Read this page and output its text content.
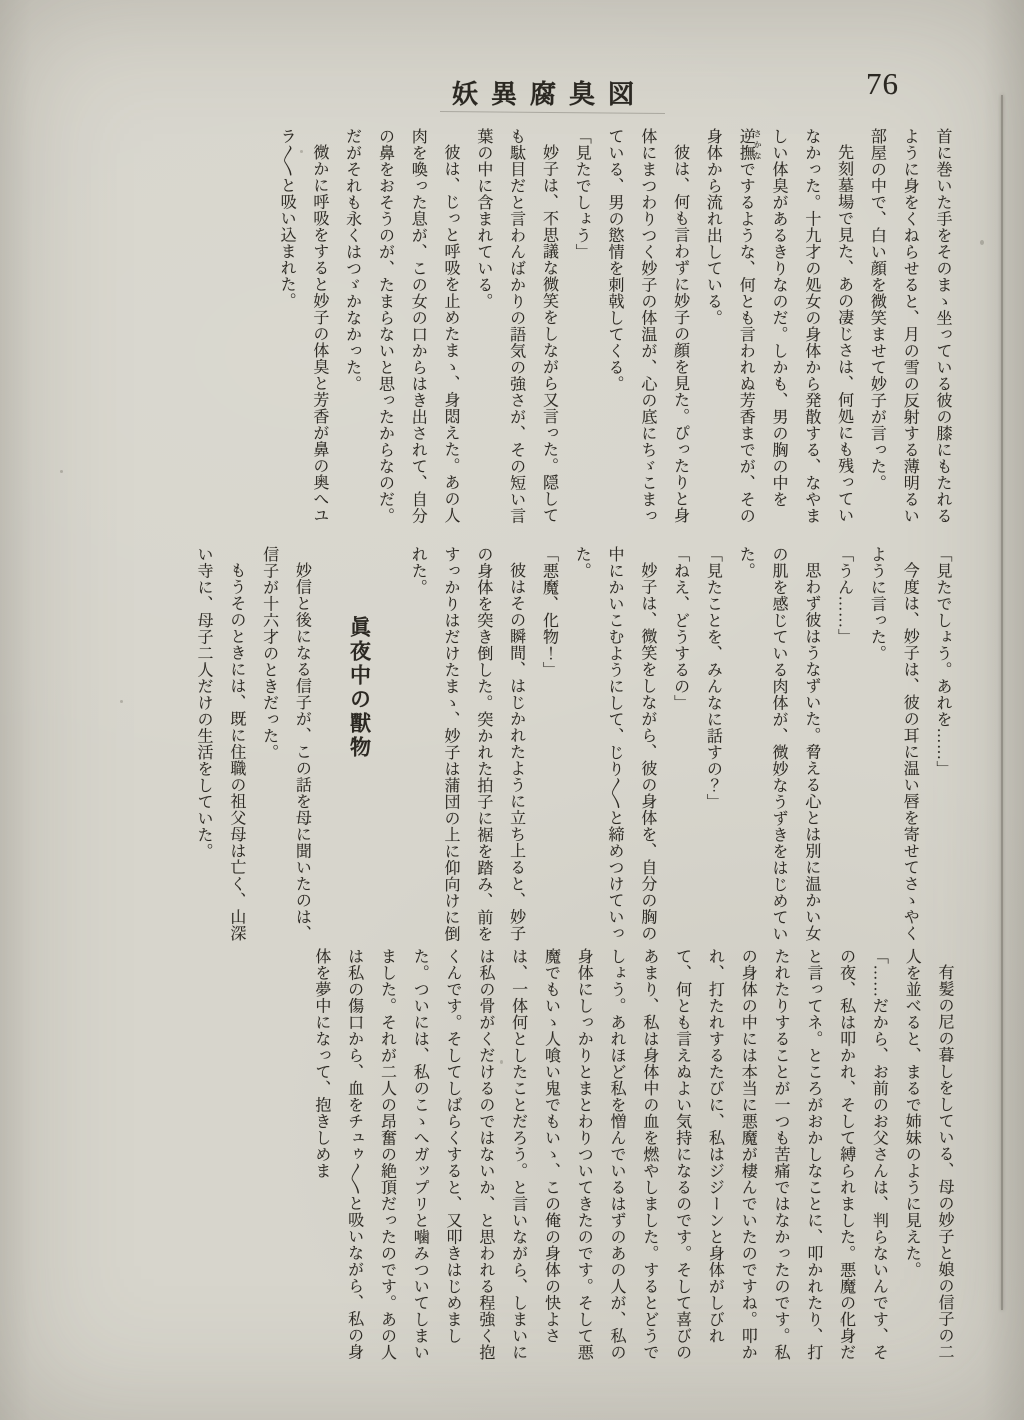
妖異腐臭図	76

首に巻いた手をそのまゝ坐っている彼の膝にもたれるように身をくねらせると、月の雪の反射する薄明るい部屋の中で、白い顔を微笑ませて妙子が言った。

先刻墓場で見た、あの凄じさは、何処にも残っていなかった。十九才の処女の身体から発散する、なやましい体臭があるきりなのだ。しかも、男の胸の中を逆撫 さかなでするような、何とも言われぬ芳香までが、その身体から流れ出している。

彼は、何も言わずに妙子の顔を見た。ぴったりと身体にまつわりつく妙子の体温が、心の底にちゞこまっている、男の慾情を刺戟してくる。

「見たでしょう」

妙子は、不思議な微笑をしながら又言った。隠しても駄目だと言わんばかりの語気の強さが、その短い言葉の中に含まれている。

彼は、じっと呼吸を止めたまゝ、身悶えた。あの人肉を喚った息が、この女の口からはき出されて、自分の鼻をおそうのが、たまらないと思ったからなのだ。だがそれも永くはつゞかなかった。

微かに呼吸をすると妙子の体臭と芳香が鼻の奥へユラ〳〵と吸い込まれた。

「見たでしょう。あれを……」

今度は、妙子は、彼の耳に温い唇を寄せてさゝやくように言った。

「うん……」

思わず彼はうなずいた。脅える心とは別に温かい女の肌を感じている肉体が、微妙なうずきをはじめていた。

「見たことを、みんなに話すの？」

「ねえ、どうするの」

妙子は、微笑をしながら、彼の身体を、自分の胸の中にかいこむようにして、じり〳〵と締めつけていった。

「悪魔、化物！」

彼はその瞬間、はじかれたように立ち上ると、妙子の身体を突き倒した。突かれた拍子に裾を踏み、前をすっかりはだけたまゝ、妙子は蒲団の上に仰向けに倒れた。

眞夜中の獸物

妙信と後になる信子が、この話を母に聞いたのは、信子が十六才のときだった。

もうそのときには、既に住職の祖父母は亡く、山深い寺に、母子二人だけの生活をしていた。

有髪の尼の暮しをしている、母の妙子と娘の信子の二人を並べると、まるで姉妹のように見えた。

「……だから、お前のお父さんは、判らないんです、その夜、私は叩かれ、そして縛られました。悪魔の化身だと言ってネ。ところがおかしなことに、叩かれたり、打たれたりすることが一つも苦痛ではなかったのです。私の身体の中には本当に悪魔が棲んでいたのですね。叩かれ、打たれするたびに、私はジジーンと身体がしびれて、何とも言えぬよい気持になるのです。そして喜びのあまり、私は身体中の血を燃やしました。するとどうでしょう。あれほど私を憎んでいるはずのあの人が、私の身体にしっかりとまとわりついてきたのです。そして悪魔でもいゝ人喰い鬼でもいゝ、この俺の身体の快よさは、一体何としたことだろう。と言いながら、しまいには私の骨がくだけるのではないか、と思われる程強く抱くんです。そしてしばらくすると、又叩きはじめました。ついには、私のこゝへガップリと噛みついてしまいました。それが二人の昂奮の絶頂だったのです。あの人は私の傷口から、血をチュゥ〳〵と吸いながら、私の身体を夢中になって、抱きしめま
